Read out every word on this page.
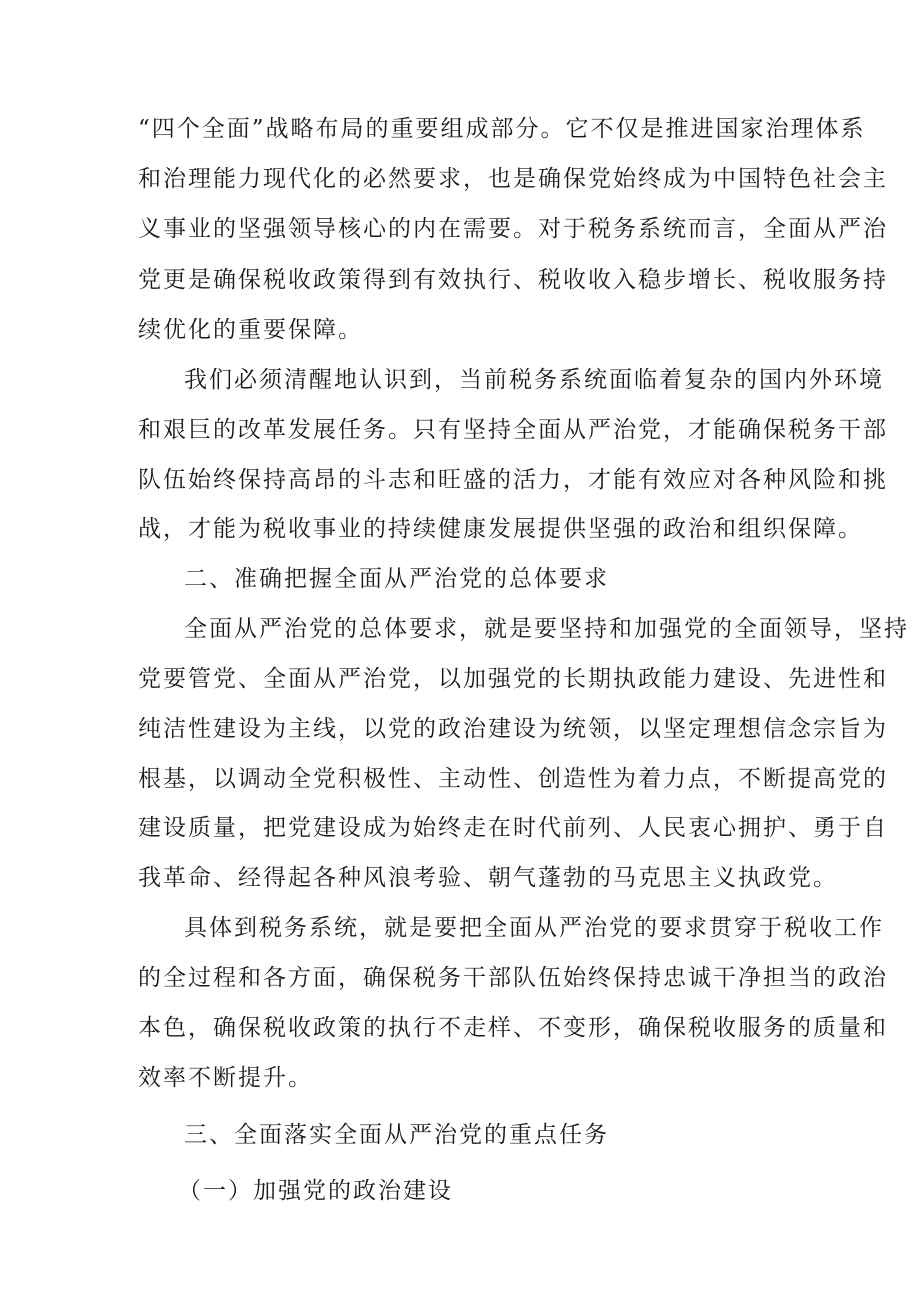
“四个全面”战略布局的重要组成部分。它不仅是推进国家治理体系
和治理能力现代化的必然要求，也是确保党始终成为中国特色社会主
义事业的坚强领导核心的内在需要。对于税务系统而言，全面从严治
党更是确保税收政策得到有效执行、税收收入稳步增长、税收服务持
续优化的重要保障。
我们必须清醒地认识到，当前税务系统面临着复杂的国内外环境
和艰巨的改革发展任务。只有坚持全面从严治党，才能确保税务干部
队伍始终保持高昂的斗志和旺盛的活力，才能有效应对各种风险和挑
战，才能为税收事业的持续健康发展提供坚强的政治和组织保障。
二、准确把握全面从严治党的总体要求
全面从严治党的总体要求，就是要坚持和加强党的全面领导，坚持
党要管党、全面从严治党，以加强党的长期执政能力建设、先进性和
纯洁性建设为主线，以党的政治建设为统领，以坚定理想信念宗旨为
根基，以调动全党积极性、主动性、创造性为着力点，不断提高党的
建设质量，把党建设成为始终走在时代前列、人民衷心拥护、勇于自
我革命、经得起各种风浪考验、朝气蓬勃的马克思主义执政党。
具体到税务系统，就是要把全面从严治党的要求贯穿于税收工作
的全过程和各方面，确保税务干部队伍始终保持忠诚干净担当的政治
本色，确保税收政策的执行不走样、不变形，确保税收服务的质量和
效率不断提升。
三、全面落实全面从严治党的重点任务
（一）加强党的政治建设
